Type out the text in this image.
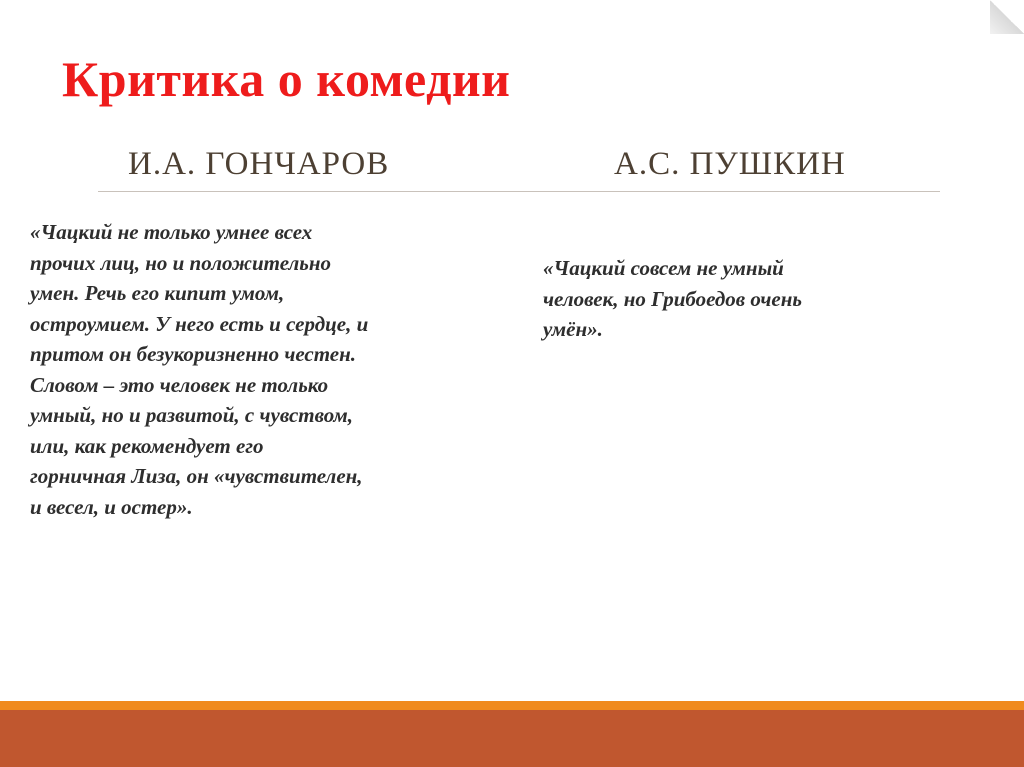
Критика о комедии
И.А. ГОНЧАРОВ	А.С. ПУШКИН

«Чацкий не только умнее всех
прочих лиц, но и положительно
умен. Речь его кипит умом,
остроумием. У него есть и сердце, и
притом он безукоризненно честен.
Словом – это человек не только
умный, но и развитой, с чувством,
или, как рекомендует его
горничная Лиза, он «чувствителен,
и весел, и остер».

«Чацкий совсем не умный
человек, но Грибоедов очень
умён».
